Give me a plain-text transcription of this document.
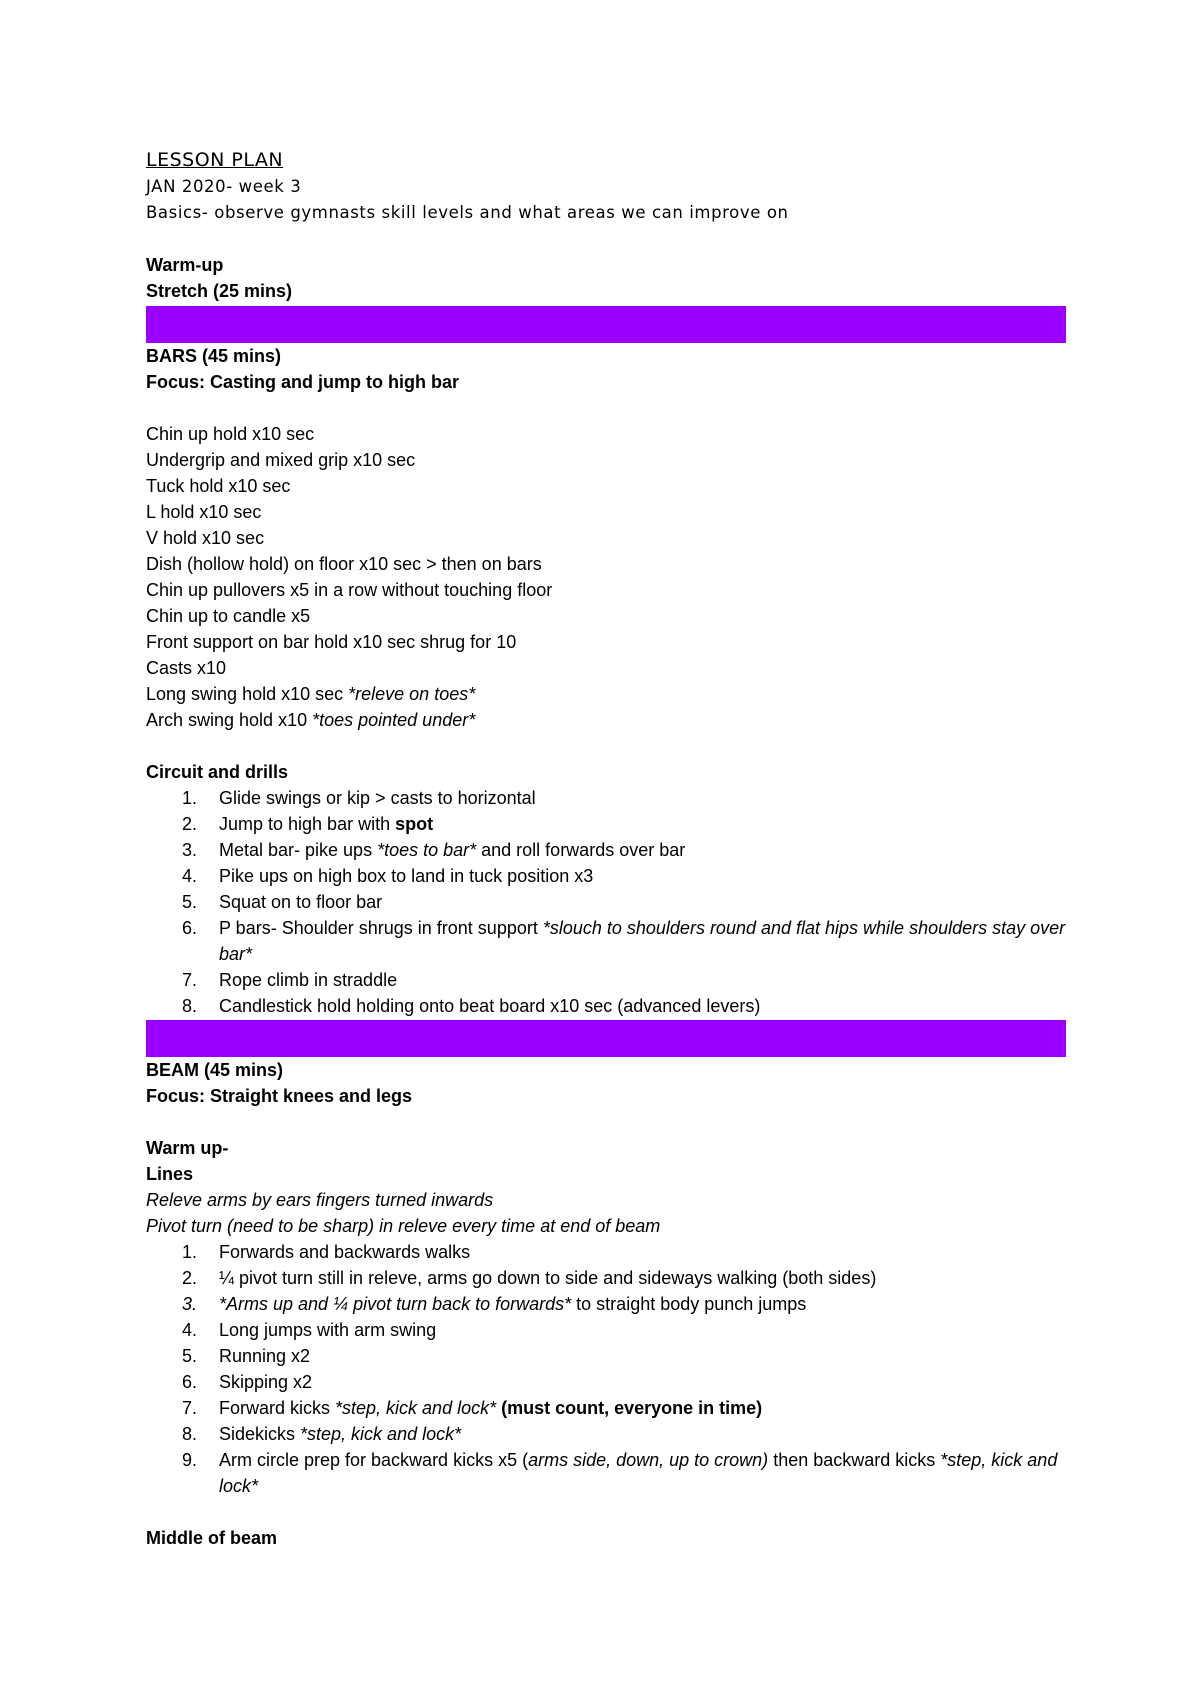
LESSON PLAN

JAN 2020- week 3

Basics- observe gymnasts skill levels and what areas we can improve on

Warm-up

Stretch (25 mins)

BARS (45 mins)

Focus: Casting and jump to high bar

Chin up hold x10 sec

Undergrip and mixed grip x10 sec

Tuck hold x10 sec

L hold x10 sec

V hold x10 sec

Dish (hollow hold) on floor x10 sec > then on bars

Chin up pullovers x5 in a row without touching floor

Chin up to candle x5

Front support on bar hold x10 sec shrug for 10

Casts x10

Long swing hold x10 sec *releve on toes*

Arch swing hold x10 *toes pointed under*

Circuit and drills

1. Glide swings or kip > casts to horizontal
2. Jump to high bar with spot
3. Metal bar- pike ups *toes to bar* and roll forwards over bar
4. Pike ups on high box to land in tuck position x3
5. Squat on to floor bar
6. P bars- Shoulder shrugs in front support *slouch to shoulders round and flat hips while shoulders stay over bar*
7. Rope climb in straddle
8. Candlestick hold holding onto beat board x10 sec (advanced levers)

BEAM (45 mins)

Focus: Straight knees and legs

Warm up-

Lines

Releve arms by ears fingers turned inwards

Pivot turn (need to be sharp) in releve every time at end of beam

1. Forwards and backwards walks
2. ¼ pivot turn still in releve, arms go down to side and sideways walking (both sides)
3. *Arms up and ¼ pivot turn back to forwards* to straight body punch jumps
4. Long jumps with arm swing
5. Running x2
6. Skipping x2
7. Forward kicks *step, kick and lock* (must count, everyone in time)
8. Sidekicks *step, kick and lock*
9. Arm circle prep for backward kicks x5 (arms side, down, up to crown) then backward kicks *step, kick and lock*

Middle of beam
